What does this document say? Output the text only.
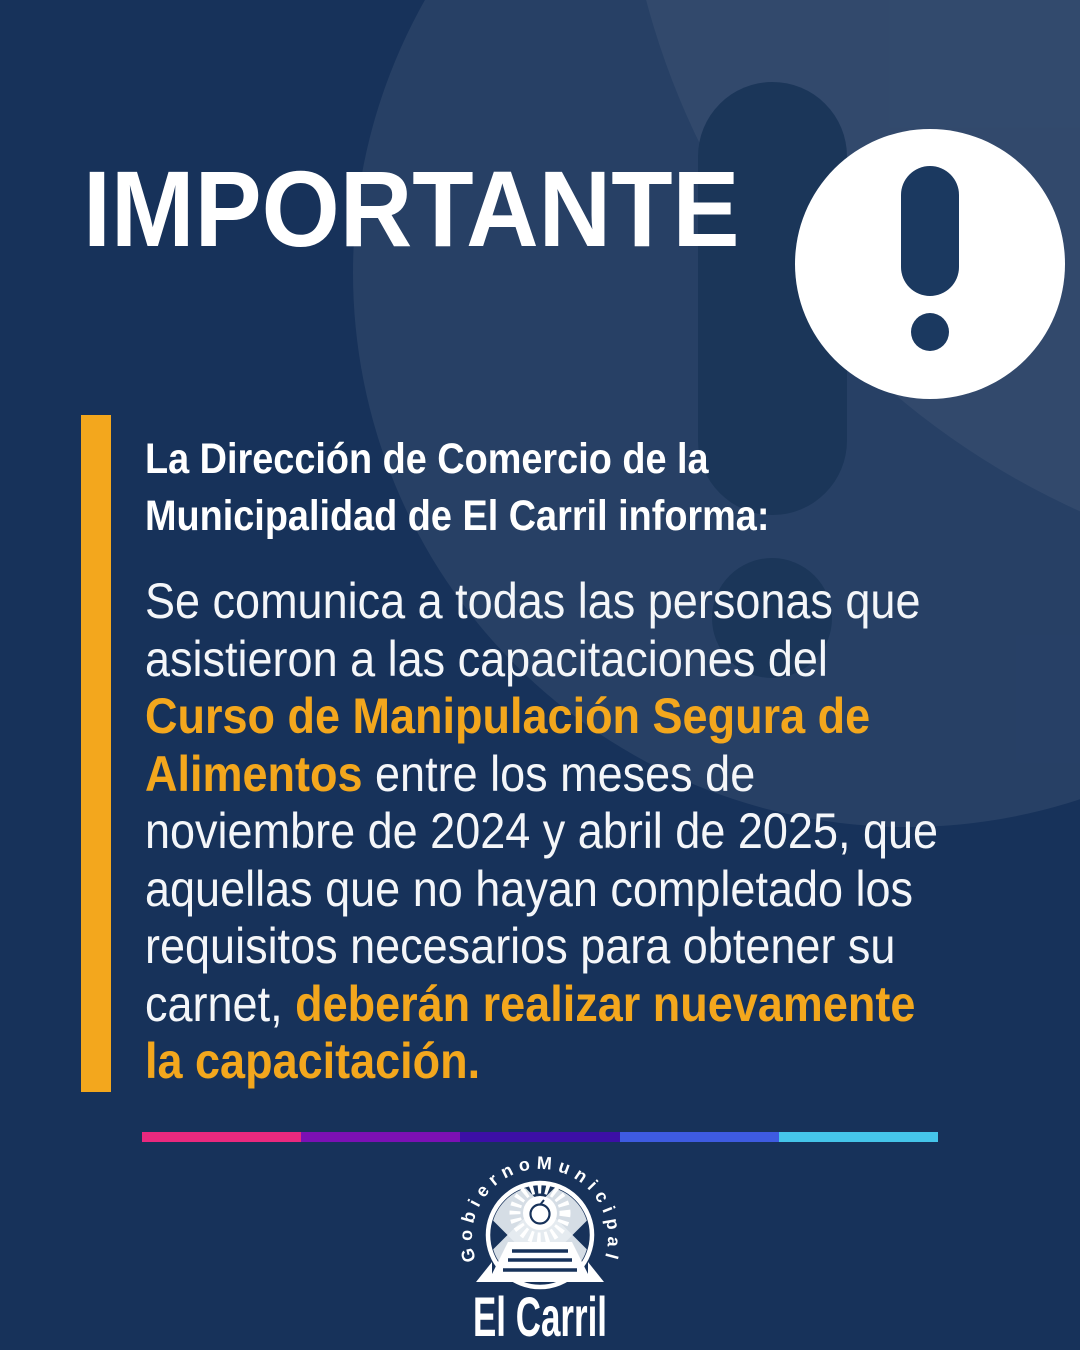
IMPORTANTE
La Dirección de Comercio de la
Municipalidad de El Carril informa:
Se comunica a todas las personas que
asistieron a las capacitaciones del
Curso de Manipulación Segura de
Alimentos entre los meses de
noviembre de 2024 y abril de 2025, que
aquellas que no hayan completado los
requisitos necesarios para obtener su
carnet, deberán realizar nuevamente
la capacitación.
GobiernoMunicipal
El Carril
